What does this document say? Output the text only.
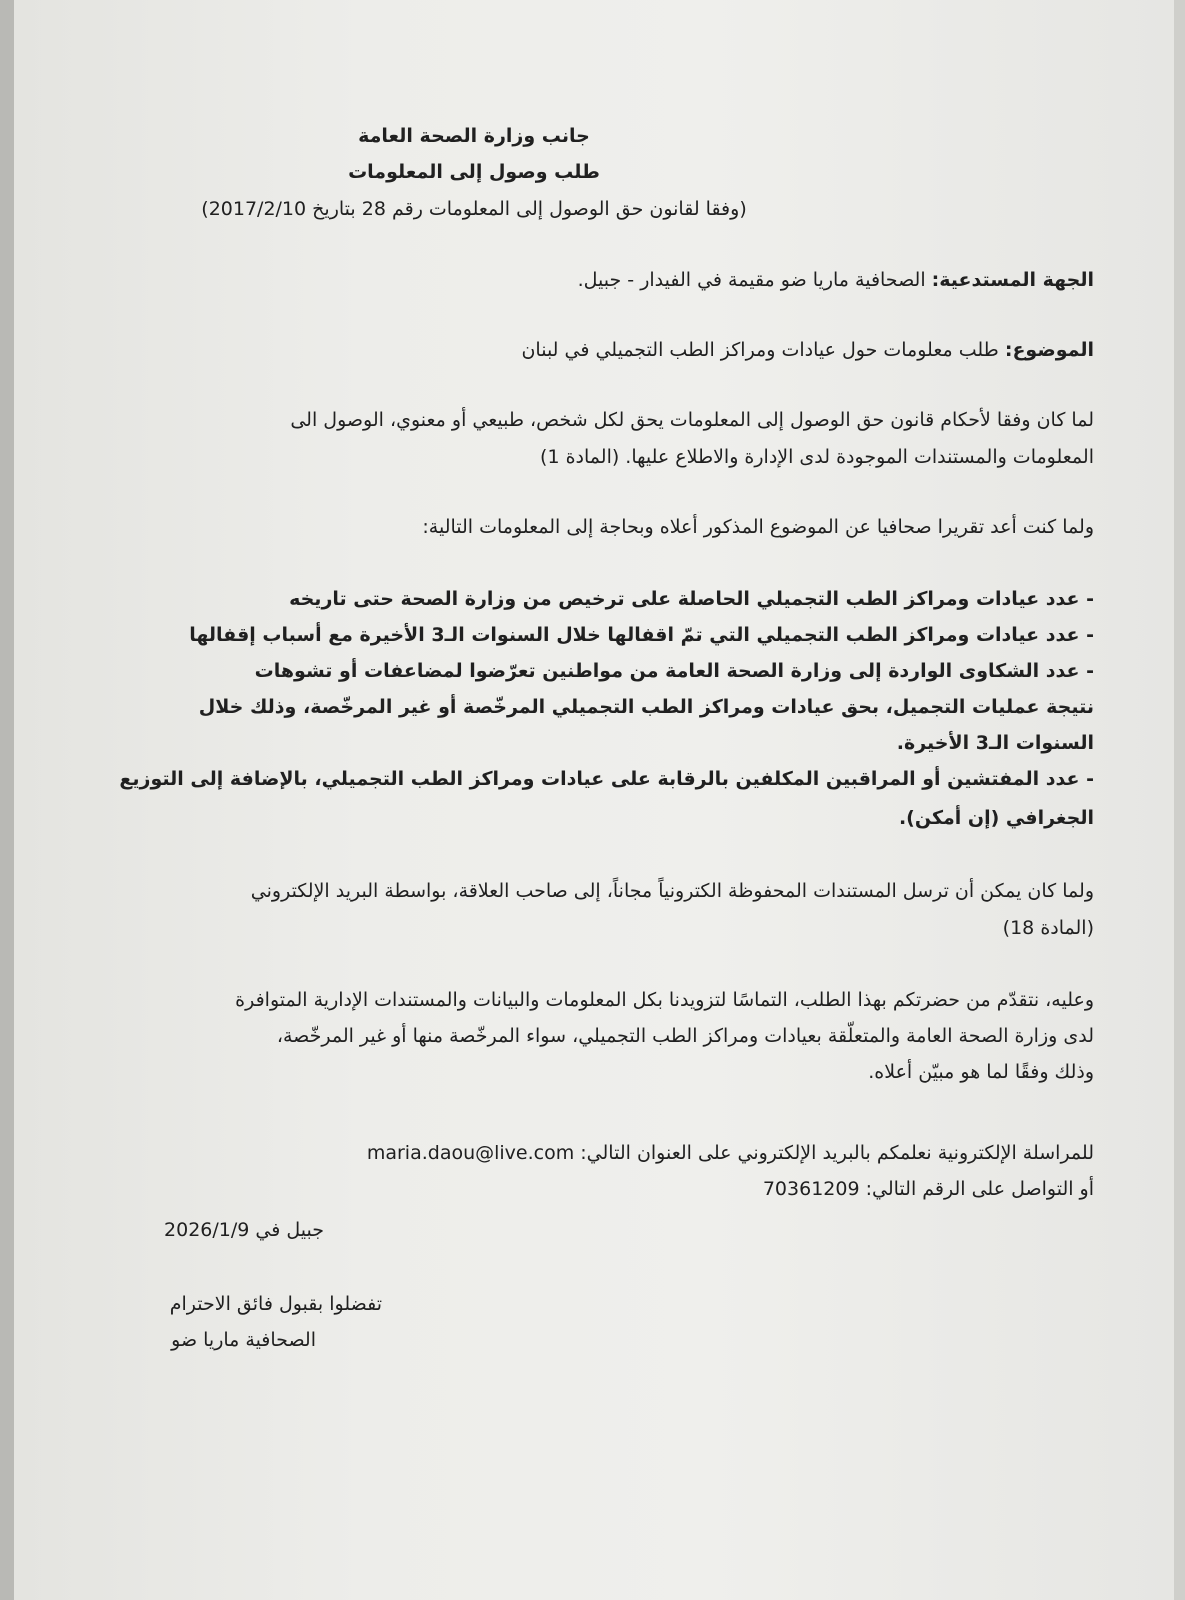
جانب وزارة الصحة العامة
طلب وصول إلى المعلومات
(وفقا لقانون حق الوصول إلى المعلومات رقم 28 بتاريخ 2017/2/10)
الجهة المستدعية: الصحافية ماريا ضو مقيمة في الفيدار - جبيل.
الموضوع: طلب معلومات حول عيادات ومراكز الطب التجميلي في لبنان
لما كان وفقا لأحكام قانون حق الوصول إلى المعلومات يحق لكل شخص، طبيعي أو معنوي، الوصول الى
المعلومات والمستندات الموجودة لدى الإدارة والاطلاع عليها. (المادة 1)
ولما كنت أعد تقريرا صحافيا عن الموضوع المذكور أعلاه وبحاجة إلى المعلومات التالية:
- عدد عيادات ومراكز الطب التجميلي الحاصلة على ترخيص من وزارة الصحة حتى تاريخه
- عدد عيادات ومراكز الطب التجميلي التي تمّ اقفالها خلال السنوات الـ3 الأخيرة مع أسباب إقفالها
- عدد الشكاوى الواردة إلى وزارة الصحة العامة من مواطنين تعرّضوا لمضاعفات أو تشوهات
نتيجة عمليات التجميل، بحق عيادات ومراكز الطب التجميلي المرخّصة أو غير المرخّصة، وذلك خلال
السنوات الـ3 الأخيرة.
- عدد المفتشين أو المراقبين المكلفين بالرقابة على عيادات ومراكز الطب التجميلي، بالإضافة إلى التوزيع
الجغرافي (إن أمكن).
ولما كان يمكن أن ترسل المستندات المحفوظة الكترونياً مجاناً، إلى صاحب العلاقة، بواسطة البريد الإلكتروني
(المادة 18)
وعليه، نتقدّم من حضرتكم بهذا الطلب، التماسًا لتزويدنا بكل المعلومات والبيانات والمستندات الإدارية المتوافرة
لدى وزارة الصحة العامة والمتعلّقة بعيادات ومراكز الطب التجميلي، سواء المرخّصة منها أو غير المرخّصة،
وذلك وفقًا لما هو مبيّن أعلاه.
للمراسلة الإلكترونية نعلمكم بالبريد الإلكتروني على العنوان التالي: maria.daou@live.com
أو التواصل على الرقم التالي: 70361209
جبيل في 2026/1/9
تفضلوا بقبول فائق الاحترام
الصحافية ماريا ضو
